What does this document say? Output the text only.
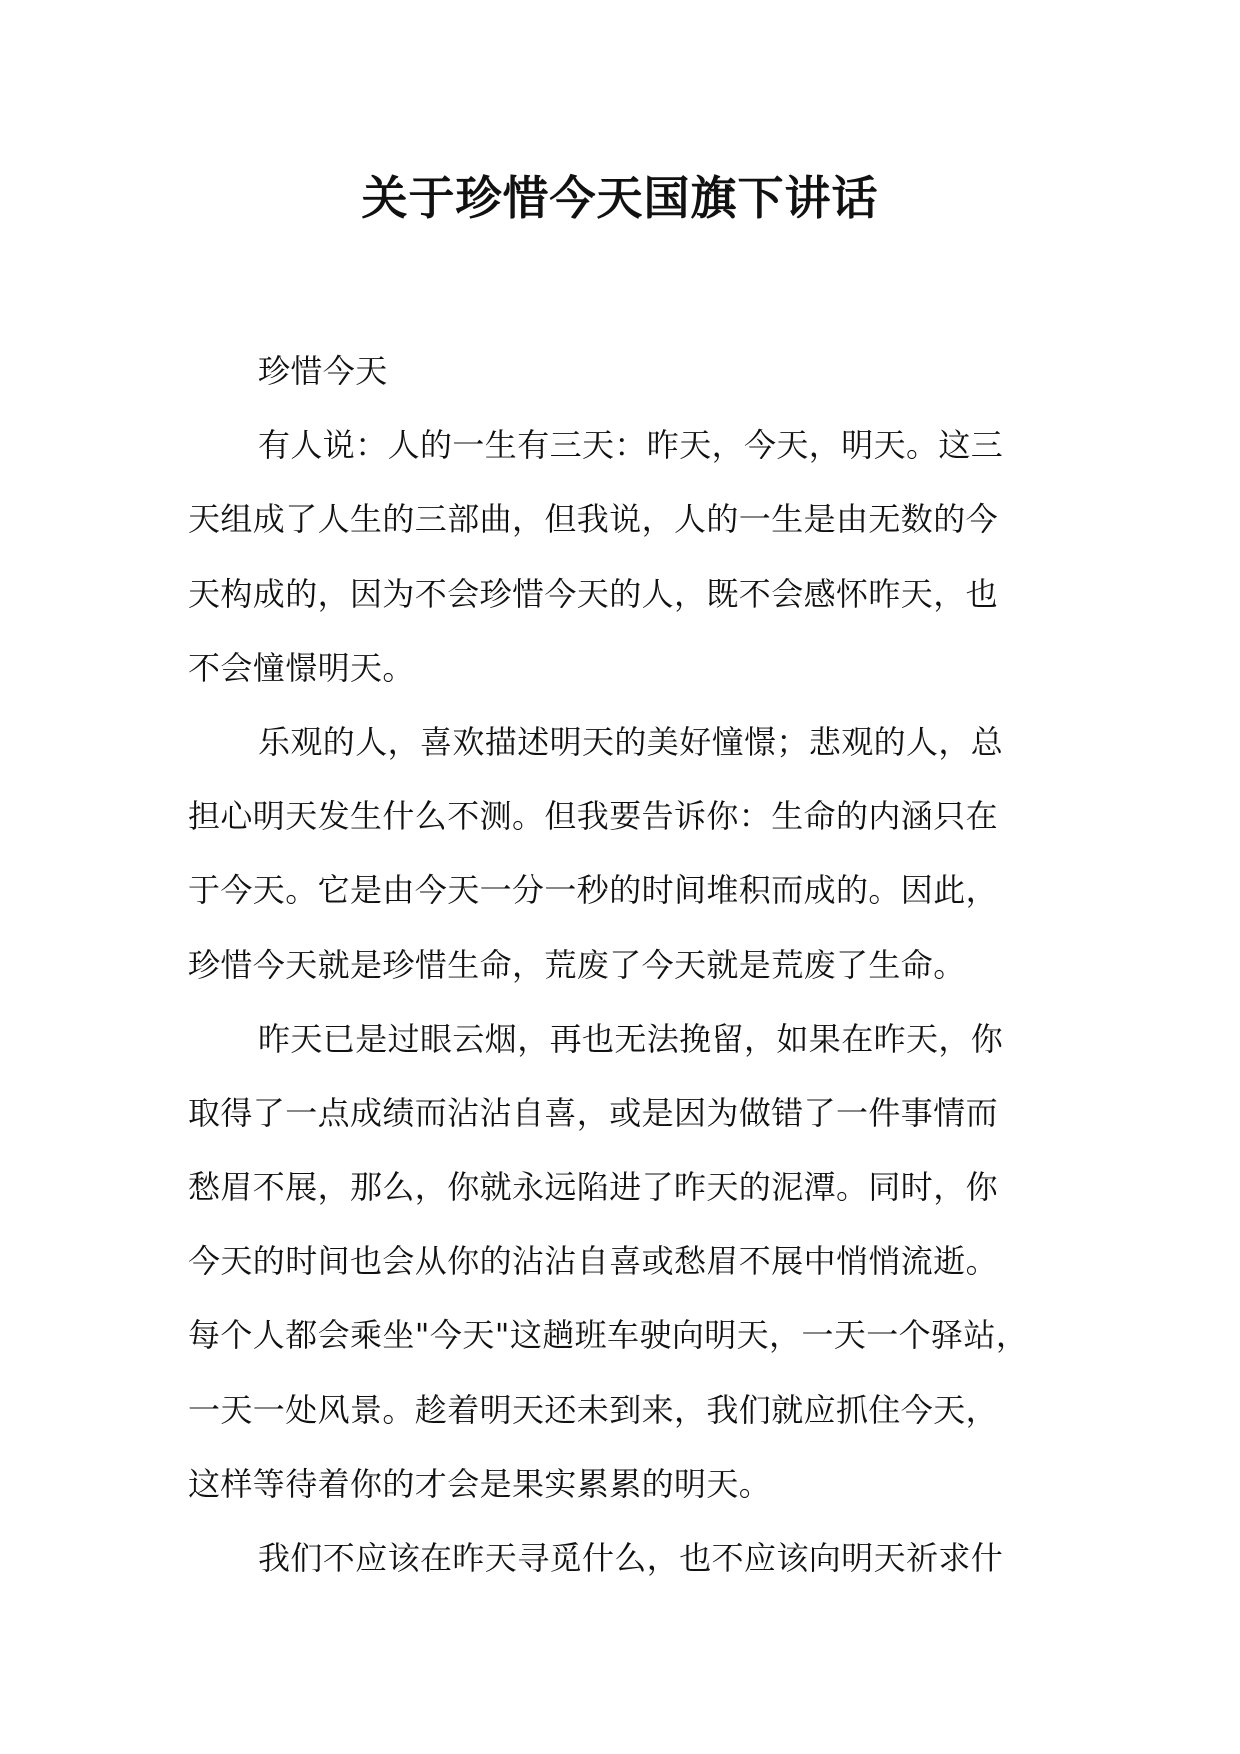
关于珍惜今天国旗下讲话
珍惜今天
有人说：人的一生有三天：昨天，今天，明天。这三
天组成了人生的三部曲，但我说，人的一生是由无数的今
天构成的，因为不会珍惜今天的人，既不会感怀昨天，也
不会憧憬明天。
乐观的人，喜欢描述明天的美好憧憬；悲观的人，总
担心明天发生什么不测。但我要告诉你：生命的内涵只在
于今天。它是由今天一分一秒的时间堆积而成的。因此，
珍惜今天就是珍惜生命，荒废了今天就是荒废了生命。
昨天已是过眼云烟，再也无法挽留，如果在昨天，你
取得了一点成绩而沾沾自喜，或是因为做错了一件事情而
愁眉不展，那么，你就永远陷进了昨天的泥潭。同时，你
今天的时间也会从你的沾沾自喜或愁眉不展中悄悄流逝。
每个人都会乘坐"今天"这趟班车驶向明天，一天一个驿站，
一天一处风景。趁着明天还未到来，我们就应抓住今天，
这样等待着你的才会是果实累累的明天。
我们不应该在昨天寻觅什么，也不应该向明天祈求什
